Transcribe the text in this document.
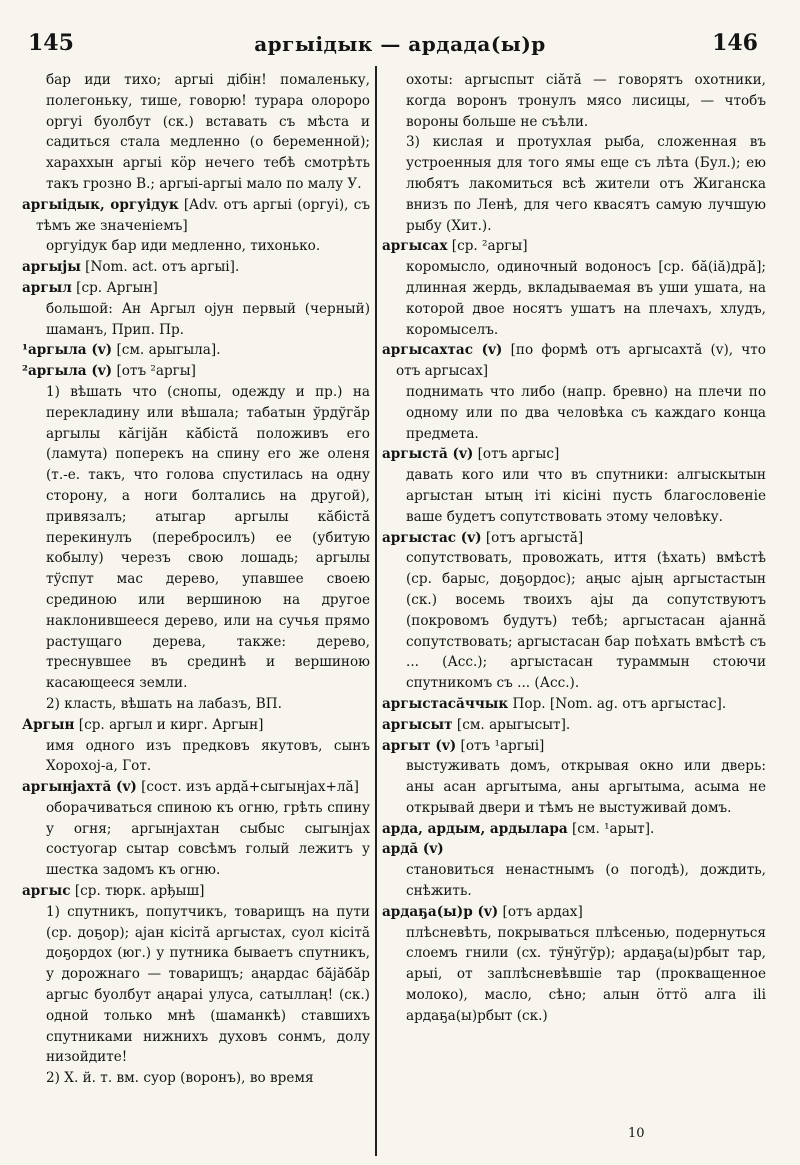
145	аргыідык — ардада(ы)р	146

бар иди тихо; аргыі дібін! помаленьку, полегоньку, тише, говорю! турара олороро оргуі буолбут (ск.) вставать съ мѣста и садиться стала медленно (о беременной); хараххын аргыі кӧр нечего тебѣ смотрѣть такъ грозно В.; аргыі-аргыі мало по малу У.

аргыідык, оргуідук [Adv. отъ аргыі (оргуі), съ тѣмъ же значеніемъ]

оргуідук бар иди медленно, тихонько.

аргыјы [Nom. act. отъ аргыі].

аргыл [ср. Аргын]

большой: Ан Аргыл ојун первый (черный) шаманъ, Прип. Пр.

¹аргыла (v) [см. арыгыла].

²аргыла (v) [отъ ²аргы]

1) вѣшать что (снопы, одежду и пр.) на перекладину или вѣшала; табатын ўрдўгăр аргылы кăгіјăн кăбістă положивъ его (ламута) поперекъ на спину его же оленя (т.-е. такъ, что голова спустилась на одну сторону, а ноги болтались на другой), привязалъ; атыгар аргылы кăбістă перекинулъ (переброcилъ) ее (убитую кобылу) черезъ свою лошадь; аргылы тўспут мас дерево, упавшее своею срединою или вершиною на другое наклонившееся дерево, или на сучья прямо растущаго дерева, также: дерево, треснувшее въ срединѣ и вершиною касающееся земли.

2) класть, вѣшать на лабазъ, ВП.

Аргын [ср. аргыл и кирг. Аргын]

имя одного изъ предковъ якутовъ, сынъ Хороxој-а, Гот.

аргынјахтă (v) [сост. изъ ардă+сыгынјах+лă]

оборачиваться спиною къ огню, грѣть спину у огня; аргынјахтан сыбыс сыгынјах состуогар сытар совсѣмъ голый лежитъ у шестка задомъ къ огню.

аргыс [ср. тюрк. арђыш]

1) спутникъ, попутчикъ, товарищъ на пути (ср. доҕор); ајан кісітă аргыстах, суол кісітă доҕордох (юг.) у путника бываетъ спутникъ, у дорожнаго — товарищъ; аңардас бăјăбăр аргыс буолбут аңарaі улуса, сатыллаң! (ск.) одной только мнѣ (шаманкѣ) ставшихъ спутниками нижнихъ духовъ сонмъ, долу низойдите!

2) Х. й. т. вм. суор (воронъ), во время

охоты: аргыспыт сіăтă — говорятъ охотники, когда воронъ тронулъ мясо лисицы, — чтобъ вороны больше не съѣли.

3) кислая и протухлая рыба, сложенная въ устроенныя для того ямы еще съ лѣта (Бул.); ею любятъ лакомиться всѣ жители отъ Жиганска внизъ по Ленѣ, для чего квасятъ самую лучшую рыбу (Хит.).

аргысах [ср. ²аргы]

коромысло, одиночный водоносъ [ср. бă(іă)дрă]; длинная жердь, вкладываемая въ уши ушата, на которой двое носятъ ушатъ на плечахъ, хлудъ, коромыселъ.

аргысахтас (v) [по формѣ отъ аргысахтă (v), что отъ аргысах]

поднимать что либо (напр. бревно) на плечи по одному или по два человѣка съ каждаго конца предмета.

аргыстă (v) [отъ аргыс]

давать кого или что въ спутники: алгыскытын аргыстан ытың іті кісіні пусть благословеніе ваше будетъ сопутствовать этому человѣку.

аргыстас (v) [отъ аргыстă]

сопутствовать, провожать, иття (ѣхать) вмѣстѣ (ср. барыс, доҕордос); аңыс ајың аргыстастын (ск.) восемь твоихъ ајы да сопутствуютъ (покровомъ будутъ) тебѣ; аргыстасан ајаннă сопутствовать; аргыстасан бар поѣхать вмѣстѣ съ ... (Асс.); аргыстасан турaммын стоючи спутникомъ съ ... (Асс.).

аргыстасăччык Пор. [Nom. ag. отъ аргыстас].

аргысыт [см. арыгысыт].

аргыт (v) [отъ ¹аргыі]

выстуживать домъ, открывая окно или дверь: аны асан аргытыма, аны аргытыма, асыма не открывай двери и тѣмъ не выстуживай домъ.

арда, ардым, ардылара [см. ¹арыт].

ардă (v)

становиться ненастнымъ (о погодѣ), дождить, снѣжить.

ардаҕа(ы)р (v) [отъ ардах]

плѣсневѣть, покрываться плѣсенью, подернуться слоемъ гнили (сх. тўнўгўр); ардаҕа(ы)рбыт тар, арыі, от заплѣсневѣвшіе тар (прокващенное молоко), масло, сѣно; алын ӧттӧ алга іlі ардаҕа(ы)рбыт (ск.)

10
